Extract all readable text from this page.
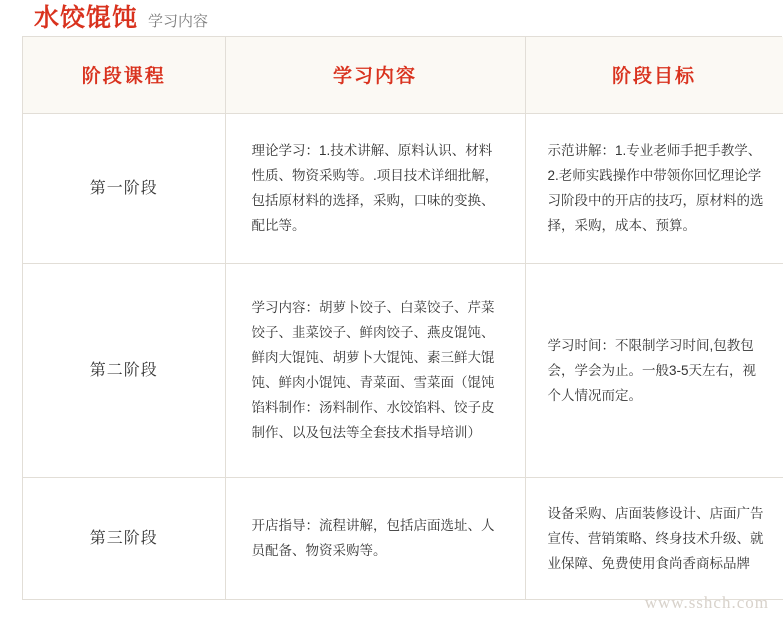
水饺馄饨 学习内容
阶段课程	学习内容	阶段目标
第一阶段	理论学习：1.技术讲解、原料认识、材料性质、物资采购等。.项目技术详细批解，包括原材料的选择，采购，口味的变换、配比等。	示范讲解：1.专业老师手把手教学、2.老师实践操作中带领你回忆理论学习阶段中的开店的技巧，原材料的选择，采购，成本、预算。
第二阶段	学习内容：胡萝卜饺子、白菜饺子、芹菜饺子、韭菜饺子、鲜肉饺子、燕皮馄饨、鲜肉大馄饨、胡萝卜大馄饨、素三鲜大馄饨、鲜肉小馄饨、青菜面、雪菜面（馄饨馅料制作：汤料制作、水饺馅料、饺子皮制作、以及包法等全套技术指导培训）	学习时间：不限制学习时间,包教包会，学会为止。一般3-5天左右，视个人情况而定。
第三阶段	开店指导：流程讲解，包括店面选址、人员配备、物资采购等。	设备采购、店面装修设计、店面广告宣传、营销策略、终身技术升级、就业保障、免费使用食尚香商标品牌
www.sshch.com
